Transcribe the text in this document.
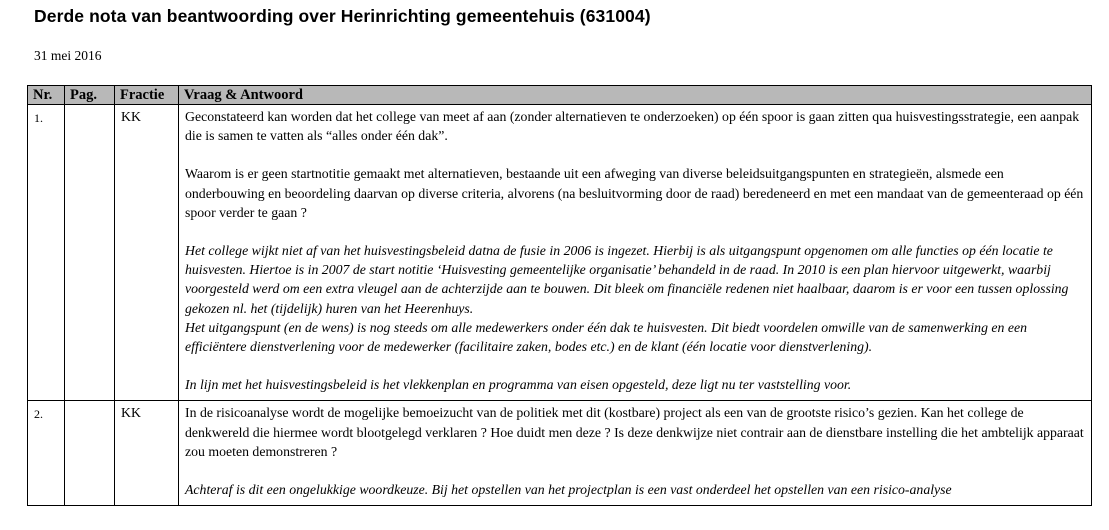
Derde nota van beantwoording over Herinrichting gemeentehuis (631004)
31 mei 2016
Nr.	Pag.	Fractie	Vraag & Antwoord
1.		KK	Geconstateerd kan worden dat het college van meet af aan (zonder alternatieven te onderzoeken) op één spoor is gaan zitten qua huisvestingsstrategie, een aanpak die is samen te vatten als “alles onder één dak”.

Waarom is er geen startnotitie gemaakt met alternatieven, bestaande uit een afweging van diverse beleidsuitgangspunten en strategieën, alsmede een onderbouwing en beoordeling daarvan op diverse criteria, alvorens (na besluitvorming door de raad) beredeneerd en met een mandaat van de gemeenteraad op één spoor verder te gaan ?

Het college wijkt niet af van het huisvestingsbeleid datna de fusie in 2006 is ingezet. Hierbij is als uitgangspunt opgenomen om alle functies op één locatie te huisvesten. Hiertoe is in 2007 de start notitie ‘Huisvesting gemeentelijke organisatie’ behandeld in de raad. In 2010 is een plan hiervoor uitgewerkt, waarbij voorgesteld werd om een extra vleugel aan de achterzijde aan te bouwen. Dit bleek om financiële redenen niet haalbaar, daarom is er voor een tussen oplossing gekozen nl. het (tijdelijk) huren van het Heerenhuys.

Het uitgangspunt (en de wens) is nog steeds om alle medewerkers onder één dak te huisvesten. Dit biedt voordelen omwille van de samenwerking en een efficiëntere dienstverlening voor de medewerker (facilitaire zaken, bodes etc.) en de klant (één locatie voor dienstverlening).

In lijn met het huisvestingsbeleid is het vlekkenplan en programma van eisen opgesteld, deze ligt nu ter vaststelling voor.

2.		KK	In de risicoanalyse wordt de mogelijke bemoeizucht van de politiek met dit (kostbare) project als een van de grootste risico’s gezien. Kan het college de denkwereld die hiermee wordt blootgelegd verklaren ? Hoe duidt men deze ? Is deze denkwijze niet contrair aan de dienstbare instelling die het ambtelijk apparaat zou moeten demonstreren ?

Achteraf is dit een ongelukkige woordkeuze. Bij het opstellen van het projectplan is een vast onderdeel het opstellen van een risico-analyse
